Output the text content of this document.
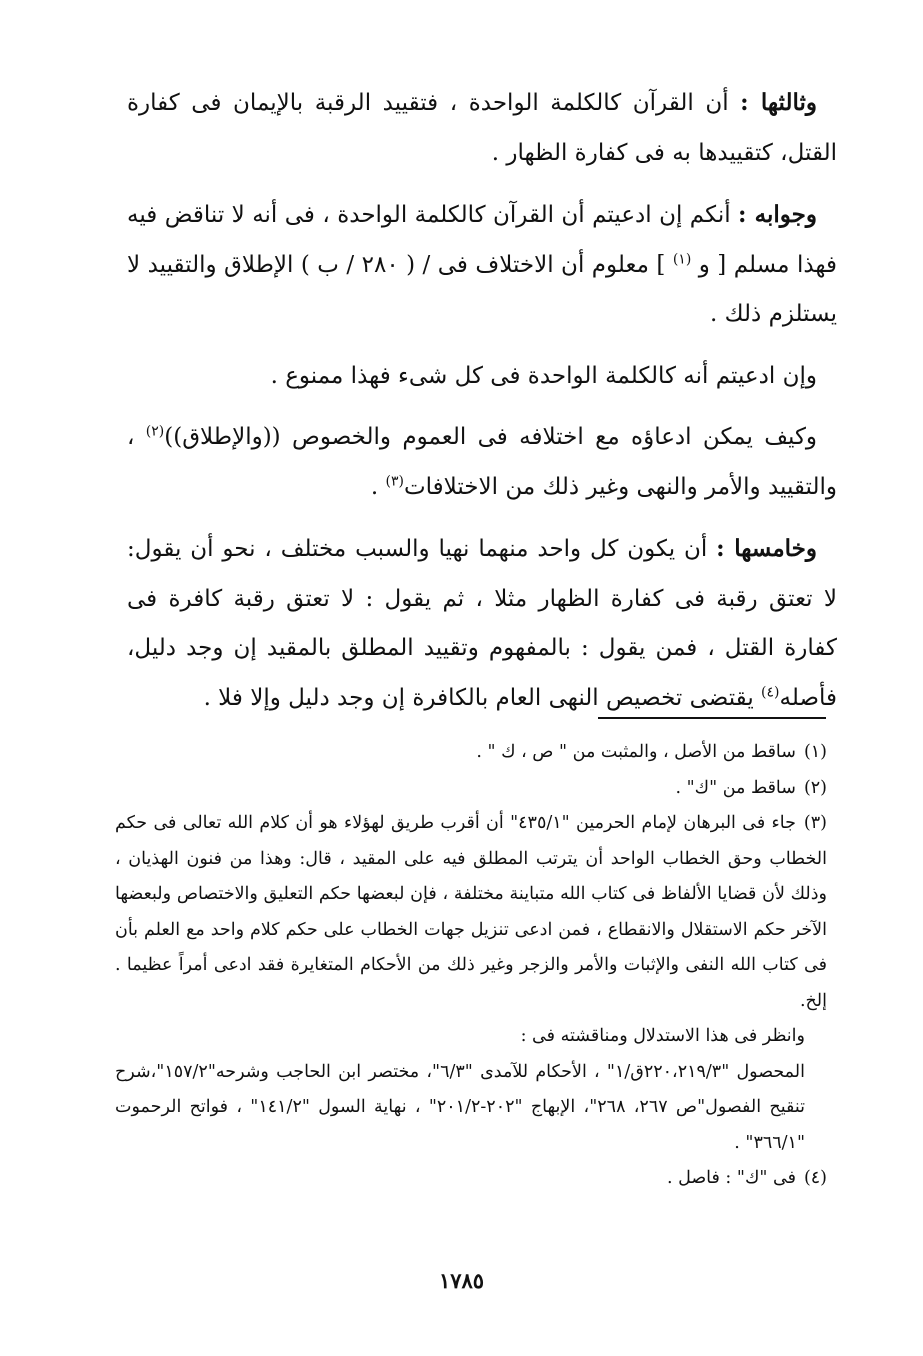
وثالثها : أن القرآن كالكلمة الواحدة ، فتقييد الرقبة بالإيمان فى كفارة القتل، كتقييدها به فى كفارة الظهار .

وجوابه : أنكم إن ادعيتم أن القرآن كالكلمة الواحدة ، فى أنه لا تناقض فيه فهذا مسلم [ و $^{(١)}$ ] معلوم أن الاختلاف فى / ( ٢٨٠ / ب ) الإطلاق والتقييد لا يستلزم ذلك .

وإن ادعيتم أنه كالكلمة الواحدة فى كل شىء فهذا ممنوع .

وكيف يمكن ادعاؤه مع اختلافه فى العموم والخصوص ((والإطلاق))$^{(٢)}$ ، والتقييد والأمر والنهى وغير ذلك من الاختلافات$^{(٣)}$ .

وخامسها : أن يكون كل واحد منهما نهيا والسبب مختلف ، نحو أن يقول: لا تعتق رقبة فى كفارة الظهار مثلا ، ثم يقول : لا تعتق رقبة كافرة فى كفارة القتل ، فمن يقول : بالمفهوم وتقييد المطلق بالمقيد إن وجد دليل، فأصله$^{(٤)}$ يقتضى تخصيص النهى العام بالكافرة إن وجد دليل وإلا فلا .

(١)ساقط من الأصل ، والمثبت من " ص ، ك " .

(٢)ساقط من "ك" .

(٣)جاء فى البرهان لإمام الحرمين "٤٣٥/١" أن أقرب طريق لهؤلاء هو أن كلام الله تعالى فى حكم الخطاب وحق الخطاب الواحد أن يترتب المطلق فيه على المقيد ، قال: وهذا من فنون الهذيان ، وذلك لأن قضايا الألفاظ فى كتاب الله متباينة مختلفة ، فإن لبعضها حكم التعليق والاختصاص ولبعضها الآخر حكم الاستقلال والانقطاع ، فمن ادعى تنزيل جهات الخطاب على حكم كلام واحد مع العلم بأن فى كتاب الله النفى والإثبات والأمر والزجر وغير ذلك من الأحكام المتغايرة فقد ادعى أمراً عظيما . إلخ.

وانظر فى هذا الاستدلال ومناقشته فى :

المحصول "٢٢٠،٢١٩/٣ق/١" ، الأحكام للآمدى "٦/٣"، مختصر ابن الحاجب وشرحه"١٥٧/٢"،شرح تنقيح الفصول"ص ٢٦٧، ٢٦٨"، الإبهاج "٢٠٢-٢٠١/٢" ، نهاية السول "١٤١/٢" ، فواتح الرحموت "٣٦٦/١" .

(٤)فى "ك" : فاصل .

١٧٨٥
